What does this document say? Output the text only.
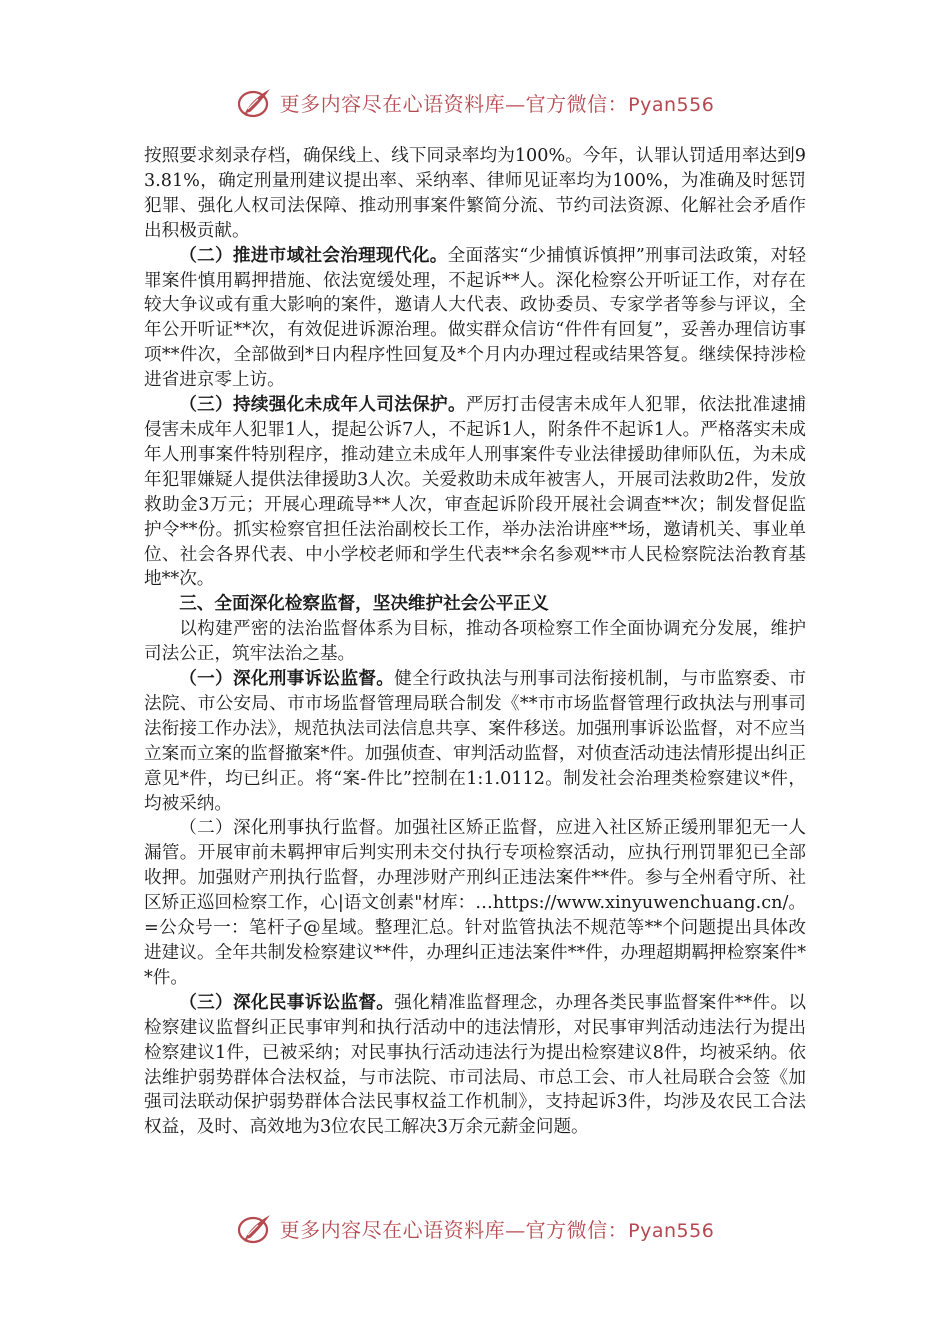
更多内容尽在心语资料库—官方微信：Pyan556

按照要求刻录存档，确保线上、线下同录率均为100%。今年，认罪认罚适用率达到93.81%，确定刑量刑建议提出率、采纳率、律师见证率均为100%，为准确及时惩罚犯罪、强化人权司法保障、推动刑事案件繁简分流、节约司法资源、化解社会矛盾作出积极贡献。

（二）推进市域社会治理现代化。全面落实“少捕慎诉慎押”刑事司法政策，对轻罪案件慎用羁押措施、依法宽缓处理，不起诉**人。深化检察公开听证工作，对存在较大争议或有重大影响的案件，邀请人大代表、政协委员、专家学者等参与评议，全年公开听证**次，有效促进诉源治理。做实群众信访“件件有回复”，妥善办理信访事项**件次，全部做到*日内程序性回复及*个月内办理过程或结果答复。继续保持涉检进省进京零上访。

（三）持续强化未成年人司法保护。严厉打击侵害未成年人犯罪，依法批准逮捕侵害未成年人犯罪1人，提起公诉7人，不起诉1人，附条件不起诉1人。严格落实未成年人刑事案件特别程序，推动建立未成年人刑事案件专业法律援助律师队伍，为未成年犯罪嫌疑人提供法律援助3人次。关爱救助未成年被害人，开展司法救助2件，发放救助金3万元；开展心理疏导**人次，审查起诉阶段开展社会调查**次；制发督促监护令**份。抓实检察官担任法治副校长工作，举办法治讲座**场，邀请机关、事业单位、社会各界代表、中小学校老师和学生代表**余名参观**市人民检察院法治教育基地**次。

三、全面深化检察监督，坚决维护社会公平正义

以构建严密的法治监督体系为目标，推动各项检察工作全面协调充分发展，维护司法公正，筑牢法治之基。

（一）深化刑事诉讼监督。健全行政执法与刑事司法衔接机制，与市监察委、市法院、市公安局、市市场监督管理局联合制发《**市市场监督管理行政执法与刑事司法衔接工作办法》，规范执法司法信息共享、案件移送。加强刑事诉讼监督，对不应当立案而立案的监督撤案*件。加强侦查、审判活动监督，对侦查活动违法情形提出纠正意见*件，均已纠正。将“案-件比”控制在1:1.0112。制发社会治理类检察建议*件，均被采纳。

（二）深化刑事执行监督。加强社区矫正监督，应进入社区矫正缓刑罪犯无一人漏管。开展审前未羁押审后判实刑未交付执行专项检察活动，应执行刑罚罪犯已全部收押。加强财产刑执行监督，办理涉财产刑纠正违法案件**件。参与全州看守所、社区矫正巡回检察工作，心|语文创素"材库：…https://www.xinyuwenchuang.cn/。=公众号一：笔杆子@星域。整理汇总。针对监管执法不规范等**个问题提出具体改进建议。全年共制发检察建议**件，办理纠正违法案件**件，办理超期羁押检察案件**件。

（三）深化民事诉讼监督。强化精准监督理念，办理各类民事监督案件**件。以检察建议监督纠正民事审判和执行活动中的违法情形，对民事审判活动违法行为提出检察建议1件，已被采纳；对民事执行活动违法行为提出检察建议8件，均被采纳。依法维护弱势群体合法权益，与市法院、市司法局、市总工会、市人社局联合会签《加强司法联动保护弱势群体合法民事权益工作机制》，支持起诉3件，均涉及农民工合法权益，及时、高效地为3位农民工解决3万余元薪金问题。

更多内容尽在心语资料库—官方微信：Pyan556
